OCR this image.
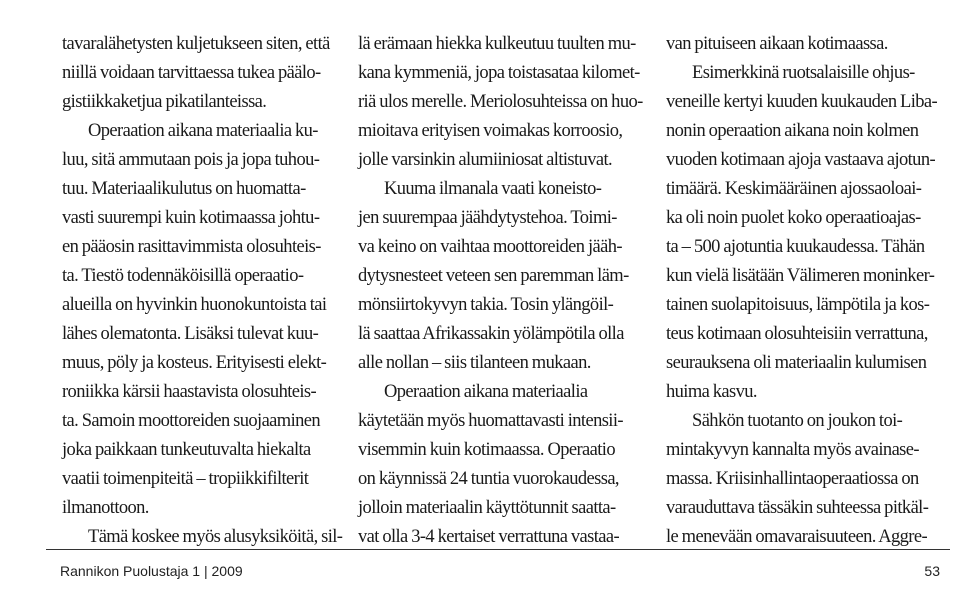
tavaralähetysten kuljetukseen siten, että
niillä voidaan tarvittaessa tukea päälo-
gistiikkaketjua pikatilanteissa.
Operaation aikana materiaalia ku-
luu, sitä ammutaan pois ja jopa tuhou-
tuu. Materiaalikulutus on huomatta-
vasti suurempi kuin kotimaassa johtu-
en pääosin rasittavimmista olosuhteis-
ta. Tiestö todennäköisillä operaatio-
alueilla on hyvinkin huonokuntoista tai
lähes olematonta. Lisäksi tulevat kuu-
muus, pöly ja kosteus. Erityisesti elekt-
roniikka kärsii haastavista olosuhteis-
ta. Samoin moottoreiden suojaaminen
joka paikkaan tunkeutuvalta hiekalta
vaatii toimenpiteitä – tropiikkifilterit
ilmanottoon.
Tämä koskee myös alusyksiköitä, sil-
lä erämaan hiekka kulkeutuu tuulten mu-
kana kymmeniä, jopa toistasataa kilomet-
riä ulos merelle. Meriolosuhteissa on huo-
mioitava erityisen voimakas korroosio,
jolle varsinkin alumiiniosat altistuvat.
Kuuma ilmanala vaati koneisto-
jen suurempaa jäähdytystehoa. Toimi-
va keino on vaihtaa moottoreiden jääh-
dytysnesteet veteen sen paremman läm-
mönsiirtokyvyn takia. Tosin ylängöil-
lä saattaa Afrikassakin yölämpötila olla
alle nollan – siis tilanteen mukaan.
Operaation aikana materiaalia
käytetään myös huomattavasti intensii-
visemmin kuin kotimaassa. Operaatio
on käynnissä 24 tuntia vuorokaudessa,
jolloin materiaalin käyttötunnit saatta-
vat olla 3-4 kertaiset verrattuna vastaa-
van pituiseen aikaan kotimaassa.
Esimerkkinä ruotsalaisille ohjus-
veneille kertyi kuuden kuukauden Liba-
nonin operaation aikana noin kolmen
vuoden kotimaan ajoja vastaava ajotun-
timäärä. Keskimääräinen ajossaoloai-
ka oli noin puolet koko operaatioajas-
ta – 500 ajotuntia kuukaudessa. Tähän
kun vielä lisätään Välimeren moninker-
tainen suolapitoisuus, lämpötila ja kos-
teus kotimaan olosuhteisiin verrattuna,
seurauksena oli materiaalin kulumisen
huima kasvu.
Sähkön tuotanto on joukon toi-
mintakyvyn kannalta myös avainase-
massa. Kriisinhallintaoperaatiossa on
varauduttava tässäkin suhteessa pitkäl-
le menevään omavaraisuuteen. Aggre-
Rannikon Puolustaja 1 | 2009	53
